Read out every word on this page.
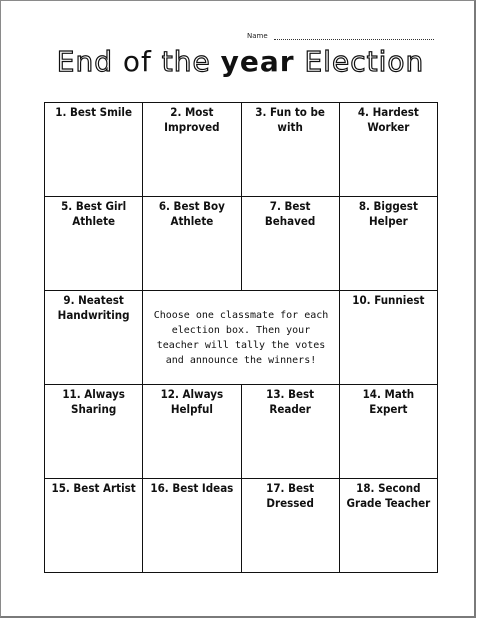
Name
End of the year Election
1. Best Smile	2. Most Improved	3. Fun to be with	4. Hardest Worker
5. Best Girl Athlete	6. Best Boy Athlete	7. Best Behaved	8. Biggest Helper
9. Neatest Handwriting	Choose one classmate for each election box. Then your teacher will tally the votes and announce the winners!		10. Funniest
11. Always Sharing	12. Always Helpful	13. Best Reader	14. Math Expert
15. Best Artist	16. Best Ideas	17. Best Dressed	18. Second Grade Teacher
